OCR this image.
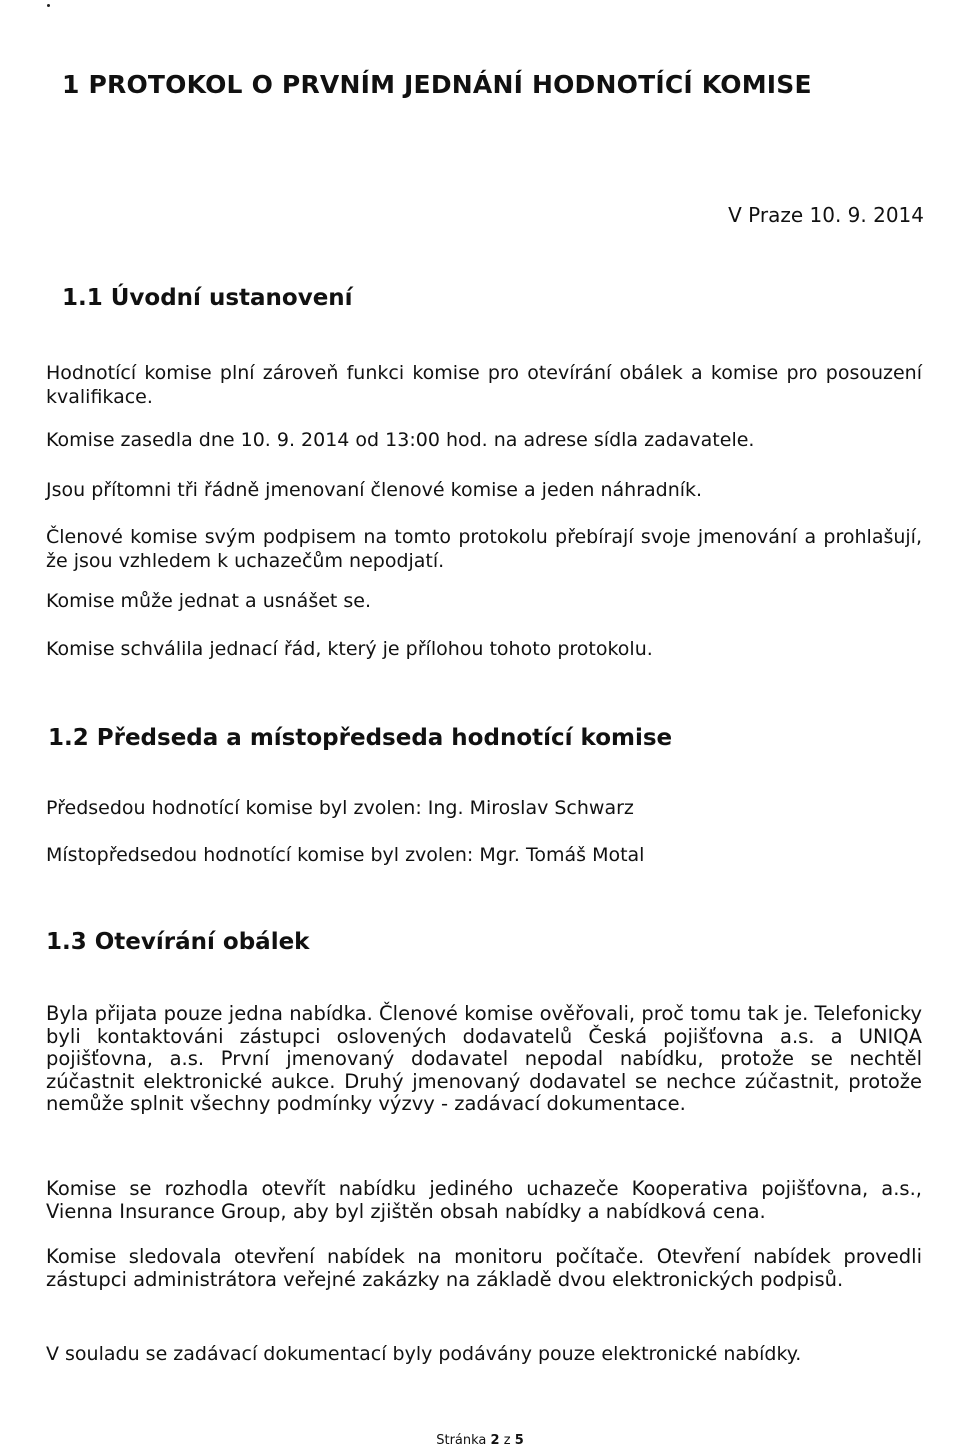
1 PROTOKOL O PRVNÍM JEDNÁNÍ HODNOTÍCÍ KOMISE
V Praze 10. 9. 2014
1.1 Úvodní ustanovení

Hodnotící komise plní zároveň funkci komise pro otevírání obálek a komise pro posouzení kvalifikace.

Komise zasedla dne 10. 9. 2014 od 13:00 hod. na adrese sídla zadavatele.

Jsou přítomni tři řádně jmenovaní členové komise a jeden náhradník.

Členové komise svým podpisem na tomto protokolu přebírají svoje jmenování a prohlašují, že jsou vzhledem k uchazečům nepodjatí.

Komise může jednat a usnášet se.

Komise schválila jednací řád, který je přílohou tohoto protokolu.

1.2 Předseda a místopředseda hodnotící komise

Předsedou hodnotící komise byl zvolen: Ing. Miroslav Schwarz

Místopředsedou hodnotící komise byl zvolen: Mgr. Tomáš Motal

1.3 Otevírání obálek

Byla přijata pouze jedna nabídka. Členové komise ověřovali, proč tomu tak je. Telefonicky byli kontaktováni zástupci oslovených dodavatelů Česká pojišťovna a.s. a UNIQA pojišťovna, a.s. První jmenovaný dodavatel nepodal nabídku, protože se nechtěl zúčastnit elektronické aukce. Druhý jmenovaný dodavatel se nechce zúčastnit, protože nemůže splnit všechny podmínky výzvy - zadávací dokumentace.

Komise se rozhodla otevřít nabídku jediného uchazeče Kooperativa pojišťovna, a.s., Vienna Insurance Group, aby byl zjištěn obsah nabídky a nabídková cena.

Komise sledovala otevření nabídek na monitoru počítače. Otevření nabídek provedli zástupci administrátora veřejné zakázky na základě dvou elektronických podpisů.

V souladu se zadávací dokumentací byly podávány pouze elektronické nabídky.

Stránka 2 z 5
